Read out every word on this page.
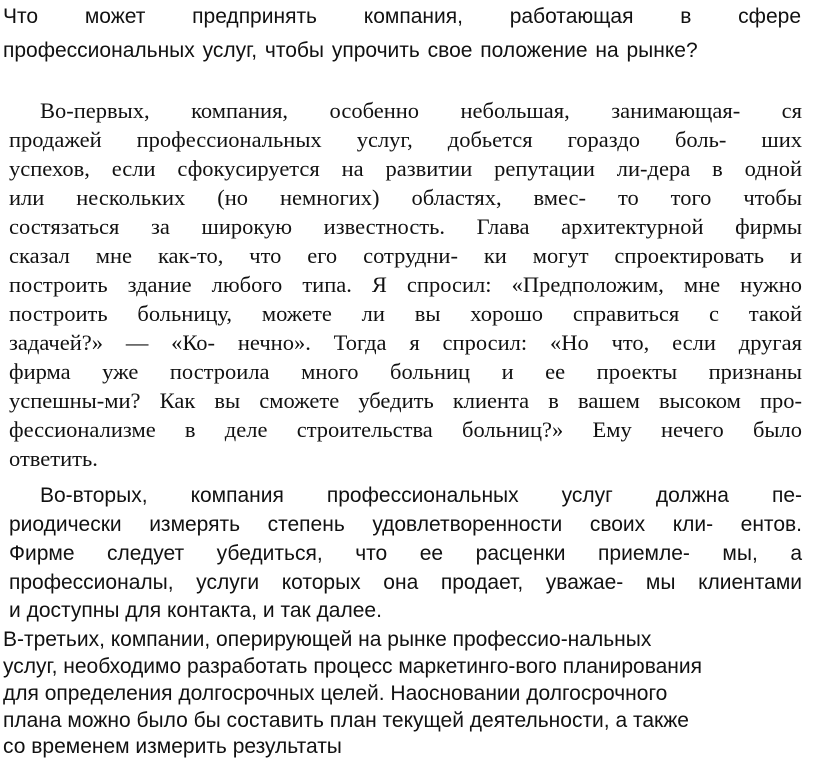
Что может предпринять компания, работающая в сфере
профессиональных услуг, чтобы упрочить свое положение на рынке?
Во-первых, компания, особенно небольшая, занимающая- ся
продажей профессиональных услуг, добьется гораздо боль- ших
успехов, если сфокусируется на развитии репутации ли-дера в одной
или нескольких (но немногих) областях, вмес- то того чтобы
состязаться за широкую известность. Глава архитектурной фирмы
сказал мне как-то, что его сотрудни- ки могут спроектировать и
построить здание любого типа. Я спросил: «Предположим, мне нужно
построить больницу, можете ли вы хорошо справиться с такой
задачей?» — «Ко- нечно». Тогда я спросил: «Но что, если другая
фирма уже построила много больниц и ее проекты признаны
успешны-ми? Как вы сможете убедить клиента в вашем высоком про-
фессионализме в деле строительства больниц?» Ему нечего было
ответить.
Во-вторых, компания профессиональных услуг должна пе-
риодически измерять степень удовлетворенности своих кли- ентов.
Фирме следует убедиться, что ее расценки приемле- мы, а
профессионалы, услуги которых она продает, уважае- мы клиентами
и доступны для контакта, и так далее.
В-третьих, компании, оперирующей на рынке профессио-нальных
услуг, необходимо разработать процесс маркетинго-вого планирования
для определения долгосрочных целей. Наосновании долгосрочного
плана можно было бы составить план текущей деятельности, а также
со временем измерить результаты
